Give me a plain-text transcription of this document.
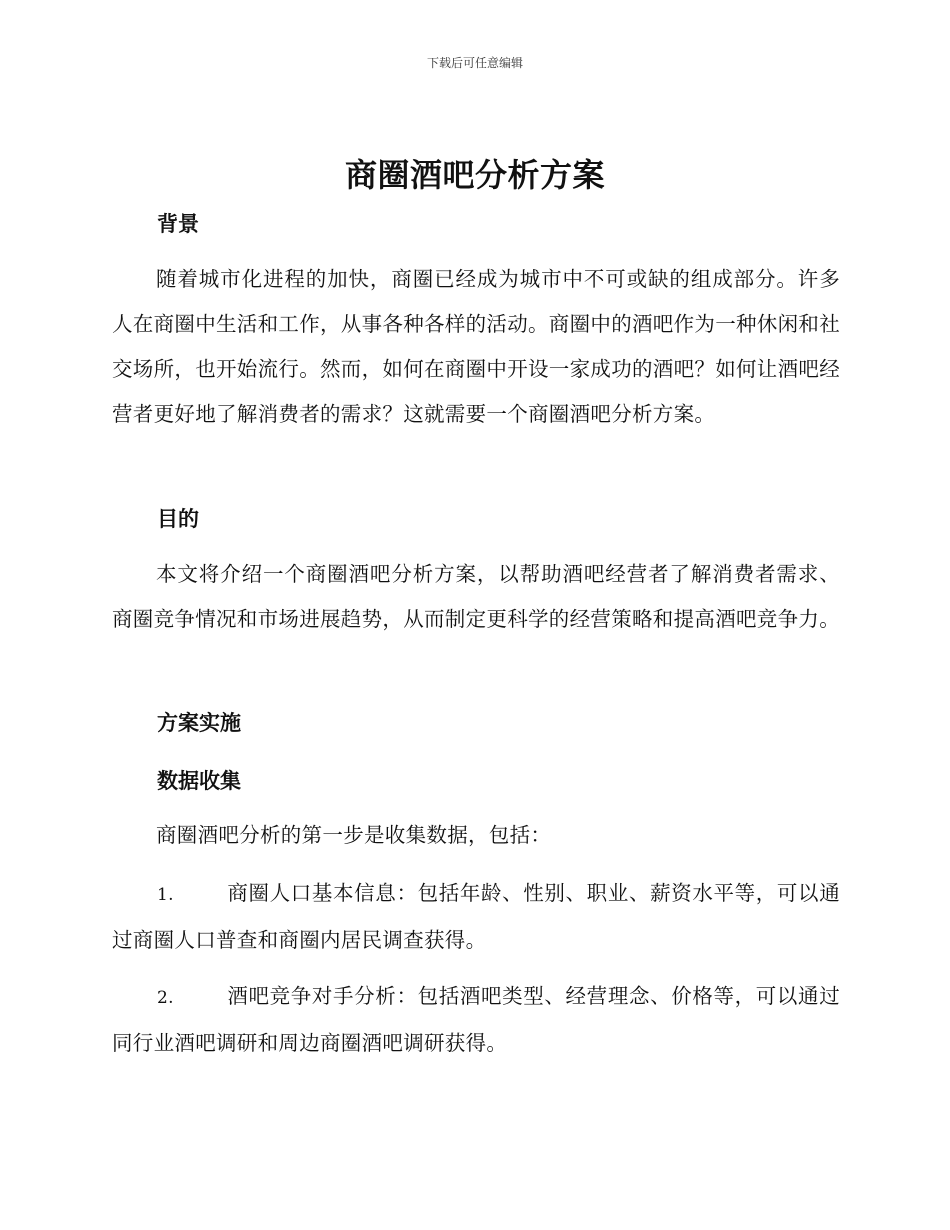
下载后可任意编辑
商圈酒吧分析方案
背景
随着城市化进程的加快，商圈已经成为城市中不可或缺的组成部分。许多人在商圈中生活和工作，从事各种各样的活动。商圈中的酒吧作为一种休闲和社交场所，也开始流行。然而，如何在商圈中开设一家成功的酒吧？如何让酒吧经营者更好地了解消费者的需求？这就需要一个商圈酒吧分析方案。
目的
本文将介绍一个商圈酒吧分析方案，以帮助酒吧经营者了解消费者需求、商圈竞争情况和市场进展趋势，从而制定更科学的经营策略和提高酒吧竞争力。
方案实施
数据收集
商圈酒吧分析的第一步是收集数据，包括：
1.	商圈人口基本信息：包括年龄、性别、职业、薪资水平等，可以通过商圈人口普查和商圈内居民调查获得。
2.	酒吧竞争对手分析：包括酒吧类型、经营理念、价格等，可以通过同行业酒吧调研和周边商圈酒吧调研获得。
